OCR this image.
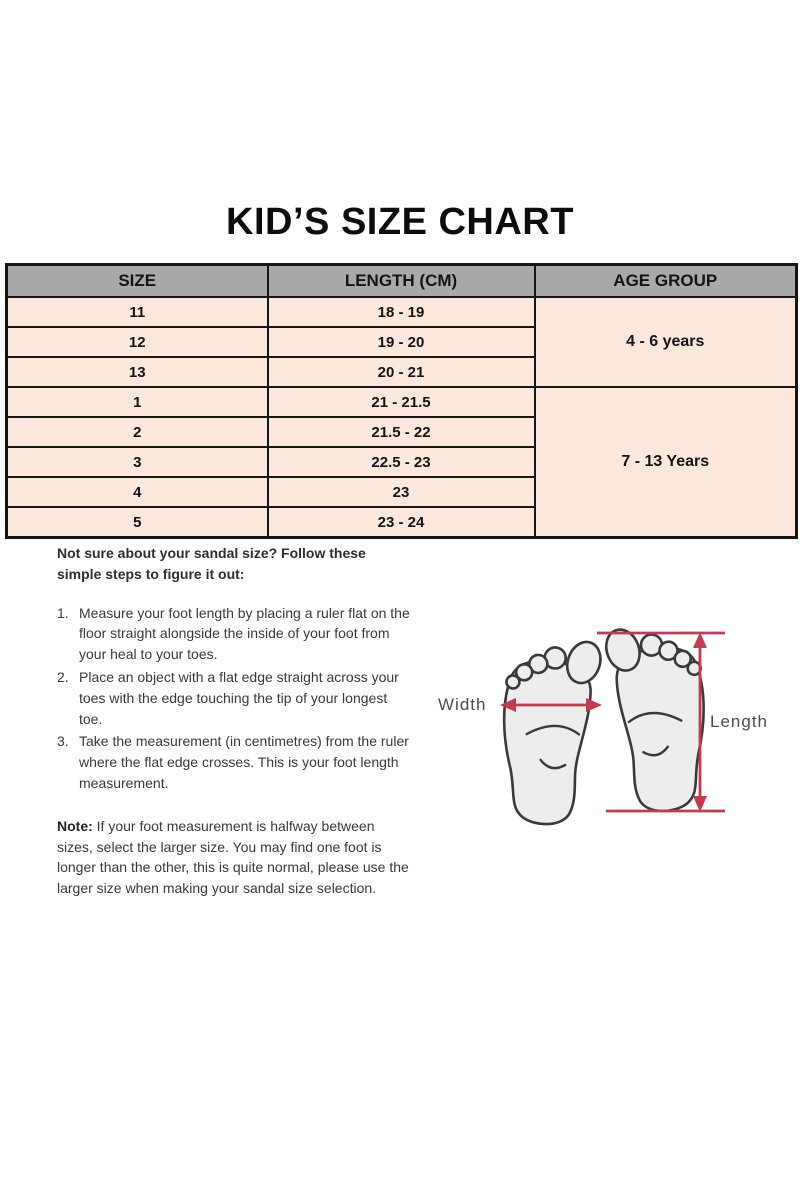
KID’S SIZE CHART
SIZE	LENGTH (CM)	AGE GROUP
11	18 - 19	4 - 6 years
12	19 - 20	
13	20 - 21	
1	21 - 21.5	7 - 13 Years
2	21.5 - 22	
3	22.5 - 23	
4	23	
5	23 - 24	

Not sure about your sandal size? Follow these simple steps to figure it out:

1. Measure your foot length by placing a ruler flat on the floor straight alongside the inside of your foot from your heal to your toes.
2. Place an object with a flat edge straight across your toes with the edge touching the tip of your longest toe.
3. Take the measurement (in centimetres) from the ruler where the flat edge crosses. This is your foot length measurement.

Note: If your foot measurement is halfway between sizes, select the larger size. You may find one foot is longer than the other, this is quite normal, please use the larger size when making your sandal size selection.

Width
Length
